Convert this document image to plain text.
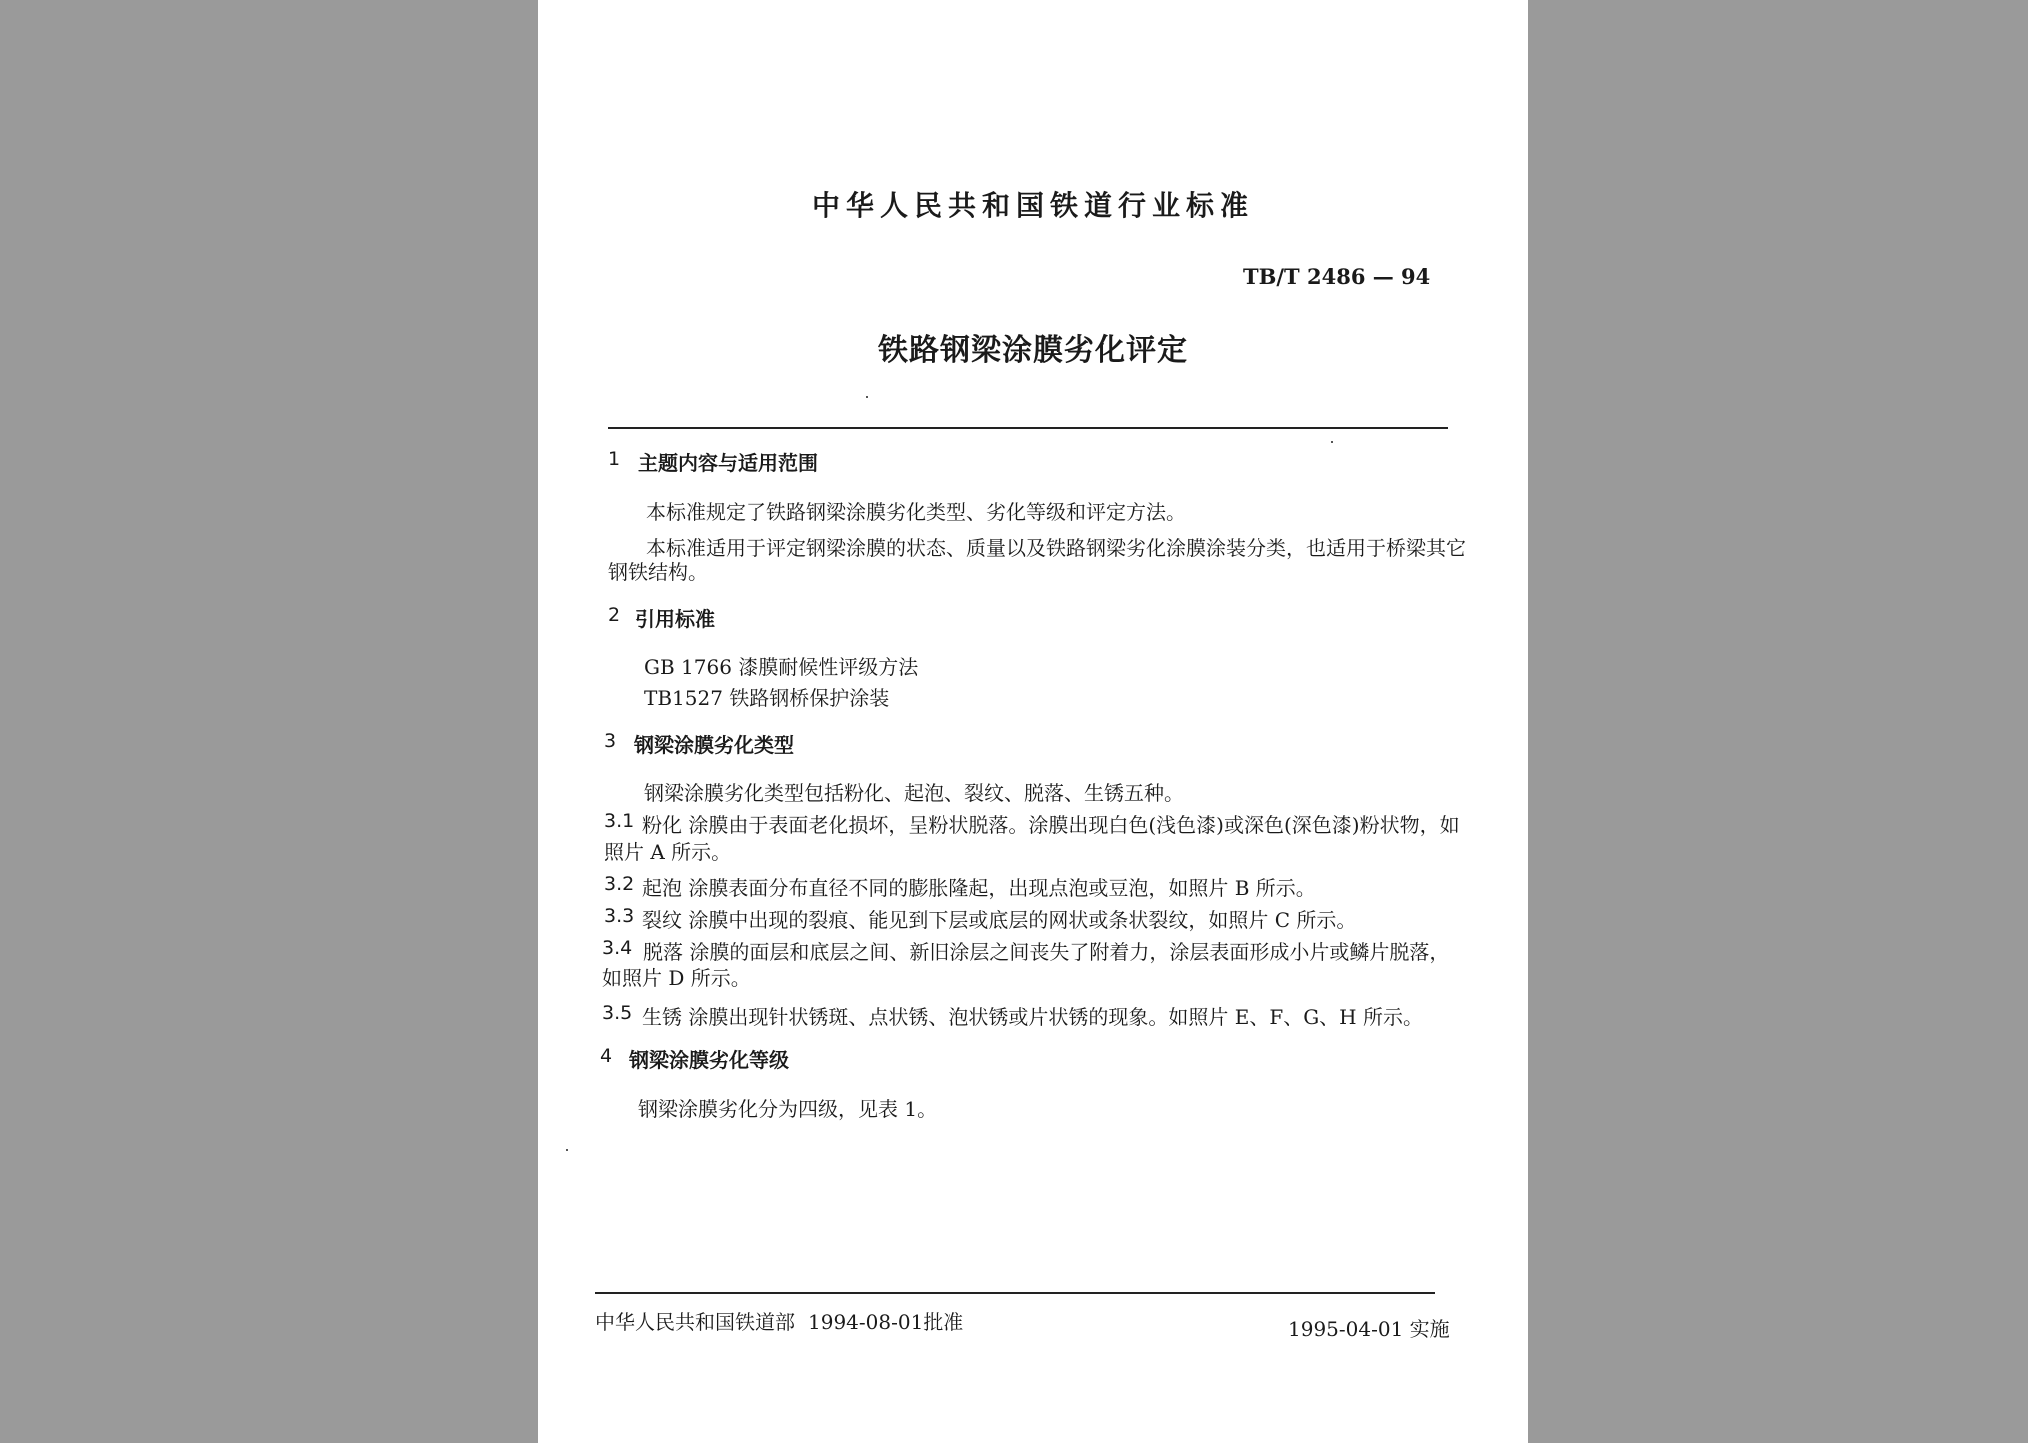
中华人民共和国铁道行业标准
TB/T 2486 — 94
铁路钢梁涂膜劣化评定
1 主题内容与适用范围
本标准规定了铁路钢梁涂膜劣化类型、劣化等级和评定方法。
本标准适用于评定钢梁涂膜的状态、质量以及铁路钢梁劣化涂膜涂装分类，也适用于桥梁其它
钢铁结构。
2 引用标准
GB 1766 漆膜耐候性评级方法
TB1527 铁路钢桥保护涂装
3 钢梁涂膜劣化类型
钢梁涂膜劣化类型包括粉化、起泡、裂纹、脱落、生锈五种。
3.1 粉化 涂膜由于表面老化损坏，呈粉状脱落。涂膜出现白色(浅色漆)或深色(深色漆)粉状物，如
照片 A 所示。
3.2 起泡 涂膜表面分布直径不同的膨胀隆起，出现点泡或豆泡，如照片 B 所示。
3.3 裂纹 涂膜中出现的裂痕、能见到下层或底层的网状或条状裂纹，如照片 C 所示。
3.4 脱落 涂膜的面层和底层之间、新旧涂层之间丧失了附着力，涂层表面形成小片或鳞片脱落，
如照片 D 所示。
3.5 生锈 涂膜出现针状锈斑、点状锈、泡状锈或片状锈的现象。如照片 E、F、G、H 所示。
4 钢梁涂膜劣化等级
钢梁涂膜劣化分为四级，见表 1。
中华人民共和国铁道部 1994-08-01批准	1995-04-01 实施
